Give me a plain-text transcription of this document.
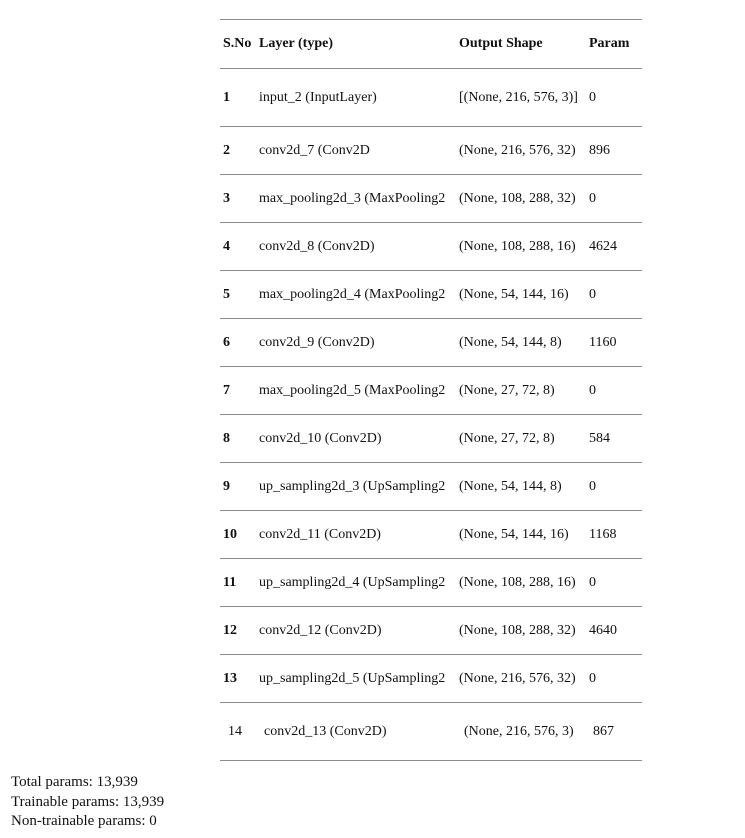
S.No Layer (type)	Output Shape	Param
1	input_2 (InputLayer)	[(None, 216, 576, 3)] 0
2	conv2d_7 (Conv2D	(None, 216, 576, 32) 896
3	max_pooling2d_3 (MaxPooling2 (None, 108, 288, 32) 0
4	conv2d_8 (Conv2D)	(None, 108, 288, 16) 4624
5	max_pooling2d_4 (MaxPooling2 (None, 54, 144, 16)	0
6	conv2d_9 (Conv2D)	(None, 54, 144, 8)	1160
7	max_pooling2d_5 (MaxPooling2 (None, 27, 72, 8)	0
8	conv2d_10 (Conv2D)	(None, 27, 72, 8)	584
9	up_sampling2d_3 (UpSampling2 (None, 54, 144, 8)	0
10	conv2d_11 (Conv2D)	(None, 54, 144, 16)	1168
11	up_sampling2d_4 (UpSampling2 (None, 108, 288, 16) 0
12	conv2d_12 (Conv2D)	(None, 108, 288, 32) 4640
13	up_sampling2d_5 (UpSampling2 (None, 216, 576, 32) 0
14	conv2d_13 (Conv2D)	(None, 216, 576, 3)	867
Total params: 13,939
Trainable params: 13,939
Non-trainable params: 0
